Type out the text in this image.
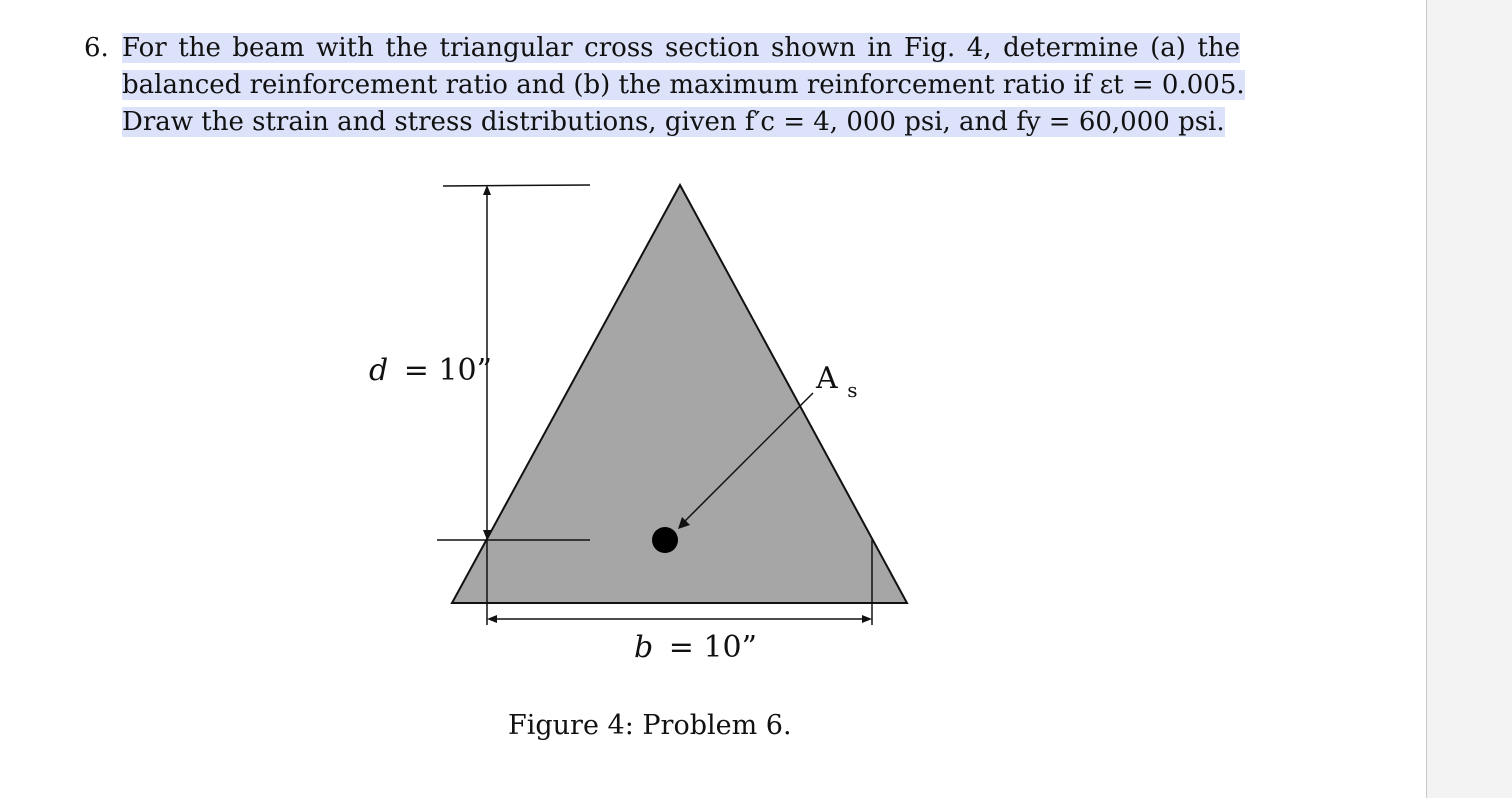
6. For the beam with the triangular cross section shown in Fig. 4, determine (a) the
balanced reinforcement ratio and (b) the maximum reinforcement ratio if εt = 0.005.
Draw the strain and stress distributions, given f′c = 4, 000 psi, and fy = 60,000 psi.
d = 10”
b = 10”
A $_s$
Figure 4: Problem 6.
